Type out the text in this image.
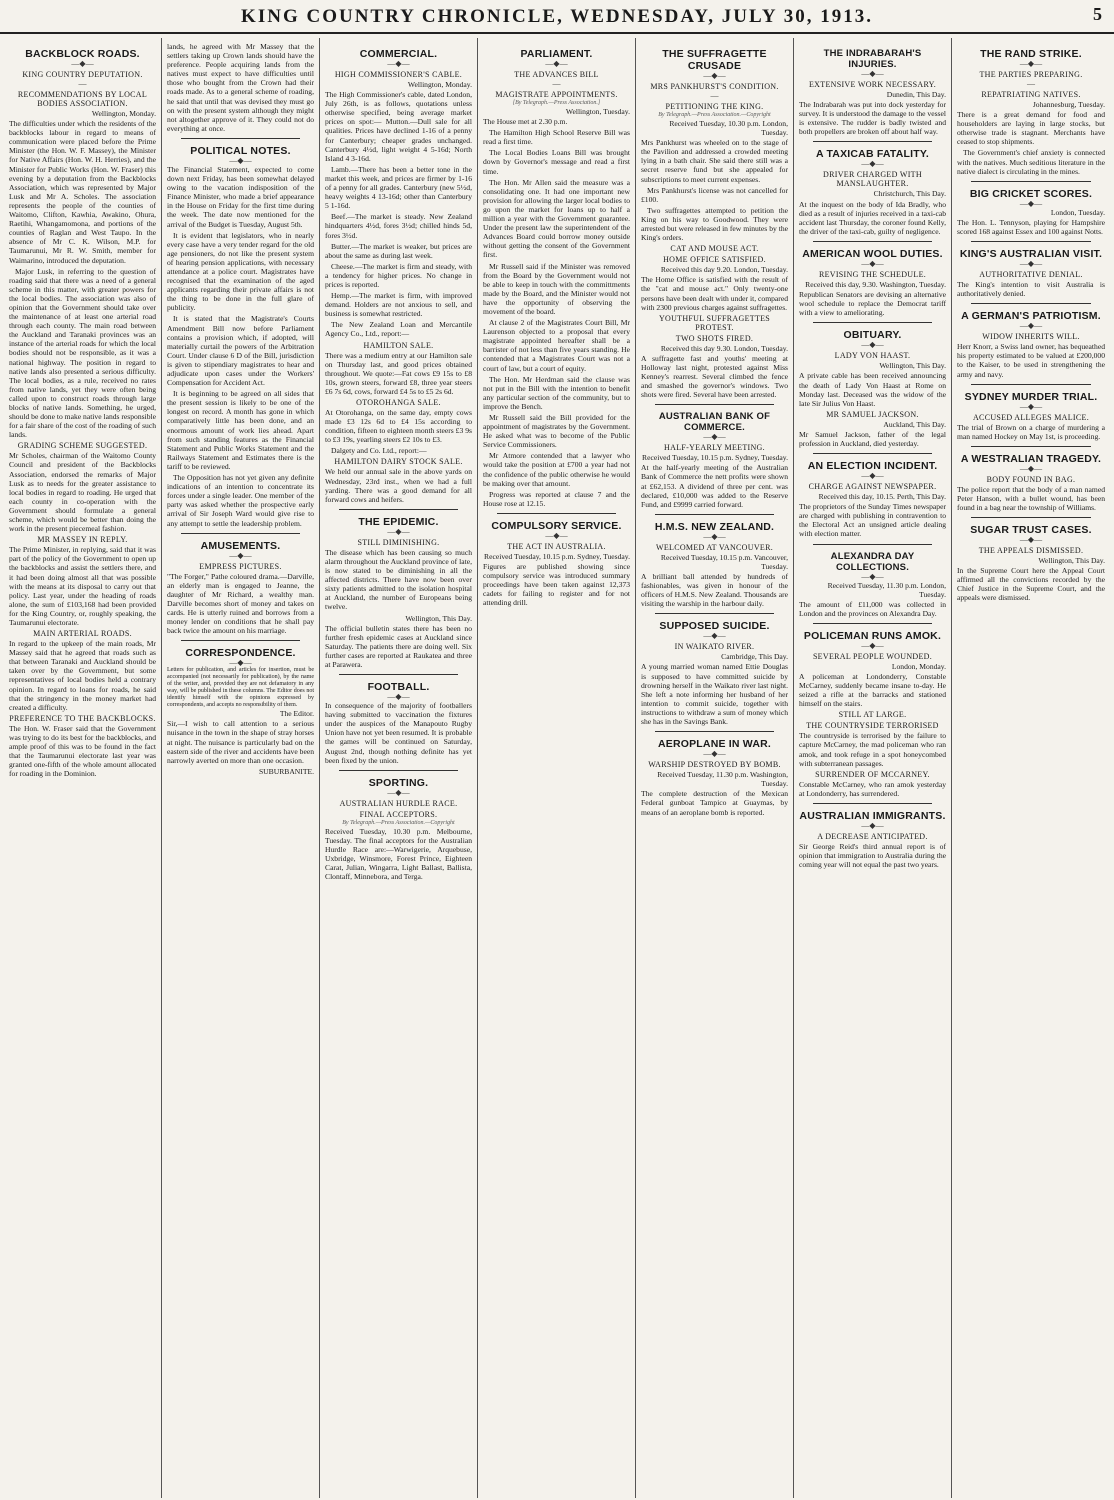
KING COUNTRY CHRONICLE, WEDNESDAY, JULY 30, 1913.	5
BACKBLOCK ROADS.
—◆—
KING COUNTRY DEPUTATION.
—
RECOMMENDATIONS BY LOCAL BODIES ASSOCIATION.
Wellington, Monday.

The difficulties under which the residents of the backblocks labour in regard to means of communication were placed before the Prime Minister (the Hon. W. F. Massey), the Minister for Native Affairs (Hon. W. H. Herries), and the Minister for Public Works (Hon. W. Fraser) this evening by a deputation from the Backblocks Association, which was represented by Major Lusk and Mr A. Scholes. The association represents the people of the counties of Waitomo, Clifton, Kawhia, Awakino, Ohura, Raetihi, Whangamomona, and portions of the counties of Raglan and West Taupo. In the absence of Mr C. K. Wilson, M.P. for Taumarunui, Mr R. W. Smith, member for Waimarino, introduced the deputation.

Major Lusk, in referring to the question of roading said that there was a need of a general scheme in this matter, with greater powers for the local bodies. The association was also of opinion that the Government should take over the maintenance of at least one arterial road through each county. The main road between the Auckland and Taranaki provinces was an instance of the arterial roads for which the local bodies should not be responsible, as it was a national highway. The position in regard to native lands also presented a serious difficulty. The local bodies, as a rule, received no rates from native lands, yet they were often being called upon to construct roads through large blocks of native lands. Something, he urged, should be done to make native lands responsible for a fair share of the cost of the roading of such lands.

GRADING SCHEME SUGGESTED.

Mr Scholes, chairman of the Waitomo County Council and president of the Backblocks Association, endorsed the remarks of Major Lusk as to needs for the greater assistance to local bodies in regard to roading. He urged that each county in co-operation with the Government should formulate a general scheme, which would be better than doing the work in the present piecemeal fashion.

MR MASSEY IN REPLY.

The Prime Minister, in replying, said that it was part of the policy of the Government to open up the backblocks and assist the settlers there, and it had been doing almost all that was possible with the means at its disposal to carry out that policy. Last year, under the heading of roads alone, the sum of £103,168 had been provided for the King Country, or, roughly speaking, the Taumarunui electorate.

MAIN ARTERIAL ROADS.

In regard to the upkeep of the main roads, Mr Massey said that he agreed that roads such as that between Taranaki and Auckland should be taken over by the Government, but some representatives of local bodies held a contrary opinion. In regard to loans for roads, he said that the stringency in the money market had created a difficulty.

PREFERENCE TO THE BACKBLOCKS.

The Hon. W. Fraser said that the Government was trying to do its best for the backblocks, and ample proof of this was to be found in the fact that the Taumarunui electorate last year was granted one-fifth of the whole amount allocated for roading in the Dominion.

lands, he agreed with Mr Massey that the settlers taking up Crown lands should have the preference. People acquiring lands from the natives must expect to have difficulties until those who bought from the Crown had their roads made. As to a general scheme of roading, he said that until that was devised they must go on with the present system although they might not altogether approve of it. They could not do everything at once.

POLITICAL NOTES.
—◆—

The Financial Statement, expected to come down next Friday, has been somewhat delayed owing to the vacation indisposition of the Finance Minister, who made a brief appearance in the House on Friday for the first time during the week. The date now mentioned for the arrival of the Budget is Tuesday, August 5th.

It is evident that legislators, who in nearly every case have a very tender regard for the old age pensioners, do not like the present system of hearing pension applications, with necessary attendance at a police court. Magistrates have recognised that the examination of the aged applicants regarding their private affairs is not the thing to be done in the full glare of publicity.

It is stated that the Magistrate's Courts Amendment Bill now before Parliament contains a provision which, if adopted, will materially curtail the powers of the Arbitration Court. Under clause 6 D of the Bill, jurisdiction is given to stipendiary magistrates to hear and adjudicate upon cases under the Workers' Compensation for Accident Act.

It is beginning to be agreed on all sides that the present session is likely to be one of the longest on record. A month has gone in which comparatively little has been done, and an enormous amount of work lies ahead. Apart from such standing features as the Financial Statement and Public Works Statement and the Railways Statement and Estimates there is the tariff to be reviewed.

The Opposition has not yet given any definite indications of an intention to concentrate its forces under a single leader. One member of the party was asked whether the prospective early arrival of Sir Joseph Ward would give rise to any attempt to settle the leadership problem.

AMUSEMENTS.
—◆—
EMPRESS PICTURES.

"The Forger," Pathe coloured drama.—Darville, an elderly man is engaged to Jeanne, the daughter of Mr Richard, a wealthy man. Darville becomes short of money and takes on cards. He is utterly ruined and borrows from a money lender on conditions that he shall pay back twice the amount on his marriage.

CORRESPONDENCE.
—◆—

Letters for publication, and articles for insertion, must be accompanied (not necessarily for publication), by the name of the writer, and, provided they are not defamatory in any way, will be published in these columns. The Editor does not identify himself with the opinions expressed by correspondents, and accepts no responsibility of them.

The Editor.

Sir,—I wish to call attention to a serious nuisance in the town in the shape of stray horses at night. The nuisance is particularly bad on the eastern side of the river and accidents have been narrowly averted on more than one occasion.

SUBURBANITE.
COMMERCIAL.
—◆—
HIGH COMMISSIONER'S CABLE.
Wellington, Monday.

The High Commissioner's cable, dated London, July 26th, is as follows, quotations unless otherwise specified, being average market prices on spot:— Mutton.—Dull sale for all qualities. Prices have declined 1-16 of a penny for Canterbury; cheaper grades unchanged. Canterbury 4½d, light weight 4 5-16d; North Island 4 3-16d.

Lamb.—There has been a better tone in the market this week, and prices are firmer by 1-16 of a penny for all grades. Canterbury (new 5½d, heavy weights 4 13-16d; other than Canterbury 5 1-16d.

Beef.—The market is steady. New Zealand hindquarters 4½d, fores 3½d; chilled hinds 5d, fores 3½d.

Butter.—The market is weaker, but prices are about the same as during last week.

Cheese.—The market is firm and steady, with a tendency for higher prices. No change in prices is reported.

Hemp.—The market is firm, with improved demand. Holders are not anxious to sell, and business is somewhat restricted.

The New Zealand Loan and Mercantile Agency Co., Ltd., report:—

HAMILTON SALE.

There was a medium entry at our Hamilton sale on Thursday last, and good prices obtained throughout. We quote:—Fat cows £9 15s to £8 10s, grown steers, forward £8, three year steers £6 7s 6d, cows, forward £4 5s to £5 2s 6d.

OTOROHANGA SALE.

At Otorohanga, on the same day, empty cows made £3 12s 6d to £4 15s according to condition, fifteen to eighteen month steers £3 9s to £3 19s, yearling steers £2 10s to £3.

Dalgety and Co. Ltd., report:—

HAMILTON DAIRY STOCK SALE.

We held our annual sale in the above yards on Wednesday, 23rd inst., when we had a full yarding. There was a good demand for all forward cows and heifers.

THE EPIDEMIC.
—◆—
STILL DIMINISHING.

The disease which has been causing so much alarm throughout the Auckland province of late, is now stated to be diminishing in all the affected districts. There have now been over sixty patients admitted to the isolation hospital at Auckland, the number of Europeans being twelve.

Wellington, This Day.

The official bulletin states there has been no further fresh epidemic cases at Auckland since Saturday. The patients there are doing well. Six further cases are reported at Raukatea and three at Parawera.

FOOTBALL.
—◆—

In consequence of the majority of footballers having submitted to vaccination the fixtures under the auspices of the Manapouto Rugby Union have not yet been resumed. It is probable the games will be continued on Saturday, August 2nd, though nothing definite has yet been fixed by the union.

SPORTING.
—◆—
AUSTRALIAN HURDLE RACE.
FINAL ACCEPTORS.
By Telegraph.—Press Association.—Copyright

Received Tuesday, 10.30 p.m. Melbourne, Tuesday. The final acceptors for the Australian Hurdle Race are:—Warwigerie, Arquebuse, Uxbridge, Winsmore, Forest Prince, Eighteen Carat, Julian, Wingarra, Light Ballast, Ballista, Clontaff, Minnebora, and Terga.

PARLIAMENT.
—◆—
THE ADVANCES BILL
—
MAGISTRATE APPOINTMENTS.
[By Telegraph.—Press Association.]
Wellington, Tuesday.

The House met at 2.30 p.m.

The Hamilton High School Reserve Bill was read a first time.

The Local Bodies Loans Bill was brought down by Governor's message and read a first time.

The Hon. Mr Allen said the measure was a consolidating one. It had one important new provision for allowing the larger local bodies to go upon the market for loans up to half a million a year with the Government guarantee. Under the present law the superintendent of the Advances Board could borrow money outside without getting the consent of the Government first.

Mr Russell said if the Minister was removed from the Board by the Government would not be able to keep in touch with the committments made by the Board, and the Minister would not have the opportunity of observing the movement of the board.

At clause 2 of the Magistrates Court Bill, Mr Laurenson objected to a proposal that every magistrate appointed hereafter shall be a barrister of not less than five years standing. He contended that a Magistrates Court was not a court of law, but a court of equity.

The Hon. Mr Herdman said the clause was not put in the Bill with the intention to benefit any particular section of the community, but to improve the Bench.

Mr Russell said the Bill provided for the appointment of magistrates by the Government. He asked what was to become of the Public Service Commissioners.

Mr Atmore contended that a lawyer who would take the position at £700 a year had not the confidence of the public otherwise he would be making over that amount.

Progress was reported at clause 7 and the House rose at 12.15.

COMPULSORY SERVICE.
—◆—
THE ACT IN AUSTRALIA.
Received Tuesday, 10.15 p.m. Sydney, Tuesday.

Figures are published showing since compulsory service was introduced summary proceedings have been taken against 12,373 cadets for failing to register and for not attending drill.

THE SUFFRAGETTE CRUSADE
—◆—
MRS PANKHURST'S CONDITION.
—
PETITIONING THE KING.
By Telegraph.—Press Association.—Copyright
Received Tuesday, 10.30 p.m. London, Tuesday.

Mrs Pankhurst was wheeled on to the stage of the Pavilion and addressed a crowded meeting lying in a bath chair. She said there still was a secret reserve fund but she appealed for subscriptions to meet current expenses.

Mrs Pankhurst's license was not cancelled for £100.

Two suffragettes attempted to petition the King on his way to Goodwood. They were arrested but were released in few minutes by the King's orders.

CAT AND MOUSE ACT.
HOME OFFICE SATISFIED.
Received this day 9.20. London, Tuesday.

The Home Office is satisfied with the result of the "cat and mouse act." Only twenty-one persons have been dealt with under it, compared with 2300 previous charges against suffragettes.

YOUTHFUL SUFFRAGETTES PROTEST.
TWO SHOTS FIRED.
Received this day 9.30. London, Tuesday.

A suffragette fast and youths' meeting at Holloway last night, protested against Miss Kenney's rearrest. Several climbed the fence and smashed the governor's windows. Two shots were fired. Several have been arrested.

AUSTRALIAN BANK OF COMMERCE.
—◆—
HALF-YEARLY MEETING.
Received Tuesday, 10.15 p.m. Sydney, Tuesday.

At the half-yearly meeting of the Australian Bank of Commerce the nett profits were shown at £62,153. A dividend of three per cent. was declared, £10,000 was added to the Reserve Fund, and £9999 carried forward.

H.M.S. NEW ZEALAND.
—◆—
WELCOMED AT VANCOUVER.
Received Tuesday, 10.15 p.m. Vancouver, Tuesday.

A brilliant ball attended by hundreds of fashionables, was given in honour of the officers of H.M.S. New Zealand. Thousands are visiting the warship in the harbour daily.

SUPPOSED SUICIDE.
—◆—
IN WAIKATO RIVER.
Cambridge, This Day.

A young married woman named Ettie Douglas is supposed to have committed suicide by drowning herself in the Waikato river last night. She left a note informing her husband of her intention to commit suicide, together with instructions to withdraw a sum of money which she has in the Savings Bank.

AEROPLANE IN WAR.
—◆—
WARSHIP DESTROYED BY BOMB.
Received Tuesday, 11.30 p.m. Washington, Tuesday.

The complete destruction of the Mexican Federal gunboat Tampico at Guaymas, by means of an aeroplane bomb is reported.

THE INDRABARAH'S INJURIES.
—◆—
EXTENSIVE WORK NECESSARY.
Dunedin, This Day.

The Indrabarah was put into dock yesterday for survey. It is understood the damage to the vessel is extensive. The rudder is badly twisted and both propellers are broken off about half way.

A TAXICAB FATALITY.
—◆—
DRIVER CHARGED WITH MANSLAUGHTER.
Christchurch, This Day.

At the inquest on the body of Ida Bradly, who died as a result of injuries received in a taxi-cab accident last Thursday, the coroner found Kelly, the driver of the taxi-cab, guilty of negligence.

AMERICAN WOOL DUTIES.
—◆—
REVISING THE SCHEDULE.
Received this day, 9.30. Washington, Tuesday.

Republican Senators are devising an alternative wool schedule to replace the Democrat tariff with a view to ameliorating.

OBITUARY.
—◆—
LADY VON HAAST.
Wellington, This Day.

A private cable has been received announcing the death of Lady Von Haast at Rome on Monday last. Deceased was the widow of the late Sir Julius Von Haast.

MR SAMUEL JACKSON.
Auckland, This Day.

Mr Samuel Jackson, father of the legal profession in Auckland, died yesterday.

AN ELECTION INCIDENT.
—◆—
CHARGE AGAINST NEWSPAPER.
Received this day, 10.15. Perth, This Day.

The proprietors of the Sunday Times newspaper are charged with publishing in contravention to the Electoral Act an unsigned article dealing with election matter.

ALEXANDRA DAY COLLECTIONS.
—◆—
Received Tuesday, 11.30 p.m. London, Tuesday.

The amount of £11,000 was collected in London and the provinces on Alexandra Day.

POLICEMAN RUNS AMOK.
—◆—
SEVERAL PEOPLE WOUNDED.
London, Monday.

A policeman at Londonderry, Constable McCarney, suddenly became insane to-day. He seized a rifle at the barracks and stationed himself on the stairs.

STILL AT LARGE.
THE COUNTRYSIDE TERRORISED

The countryside is terrorised by the failure to capture McCarney, the mad policeman who ran amok, and took refuge in a spot honeycombed with subterranean passages.

SURRENDER OF MCCARNEY.

Constable McCarney, who ran amok yesterday at Londonderry, has surrendered.

AUSTRALIAN IMMIGRANTS.
—◆—
A DECREASE ANTICIPATED.

Sir George Reid's third annual report is of opinion that immigration to Australia during the coming year will not equal the past two years.

THE RAND STRIKE.
—◆—
THE PARTIES PREPARING.
—
REPATRIATING NATIVES.
Johannesburg, Tuesday.

There is a great demand for food and householders are laying in large stocks, but otherwise trade is stagnant. Merchants have ceased to stop shipments.

The Government's chief anxiety is connected with the natives. Much seditious literature in the native dialect is circulating in the mines.

BIG CRICKET SCORES.
—◆—
London, Tuesday.

The Hon. L. Tennyson, playing for Hampshire scored 168 against Essex and 100 against Notts.

KING'S AUSTRALIAN VISIT.
—◆—
AUTHORITATIVE DENIAL.

The King's intention to visit Australia is authoritatively denied.

A GERMAN'S PATRIOTISM.
—◆—
WIDOW INHERITS WILL.

Herr Knorr, a Swiss land owner, has bequeathed his property estimated to be valued at £200,000 to the Kaiser, to be used in strengthening the army and navy.

SYDNEY MURDER TRIAL.
—◆—
ACCUSED ALLEGES MALICE.

The trial of Brown on a charge of murdering a man named Hockey on May 1st, is proceeding.

A WESTRALIAN TRAGEDY.
—◆—
BODY FOUND IN BAG.

The police report that the body of a man named Peter Hanson, with a bullet wound, has been found in a bag near the township of Williams.

SUGAR TRUST CASES.
—◆—
THE APPEALS DISMISSED.
Wellington, This Day.

In the Supreme Court here the Appeal Court affirmed all the convictions recorded by the Chief Justice in the Supreme Court, and the appeals were dismissed.
